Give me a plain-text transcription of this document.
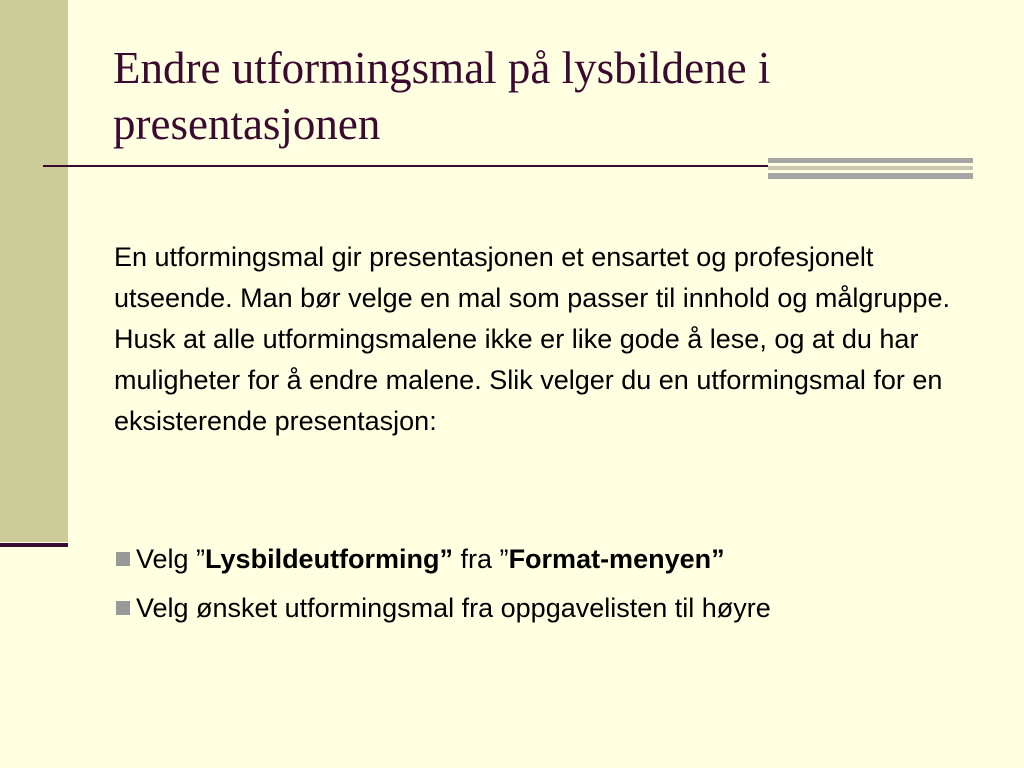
Endre utformingsmal på lysbildene i presentasjonen

En utformingsmal gir presentasjonen et ensartet og profesjonelt utseende. Man bør velge en mal som passer til innhold og målgruppe. Husk at alle utformingsmalene ikke er like gode å lese, og at du har muligheter for å endre malene. Slik velger du en utformingsmal for en eksisterende presentasjon:

Velg ” Lysbildeutforming” fra ” Format-menyen”
Velg ønsket utformingsmal fra oppgavelisten til høyre
